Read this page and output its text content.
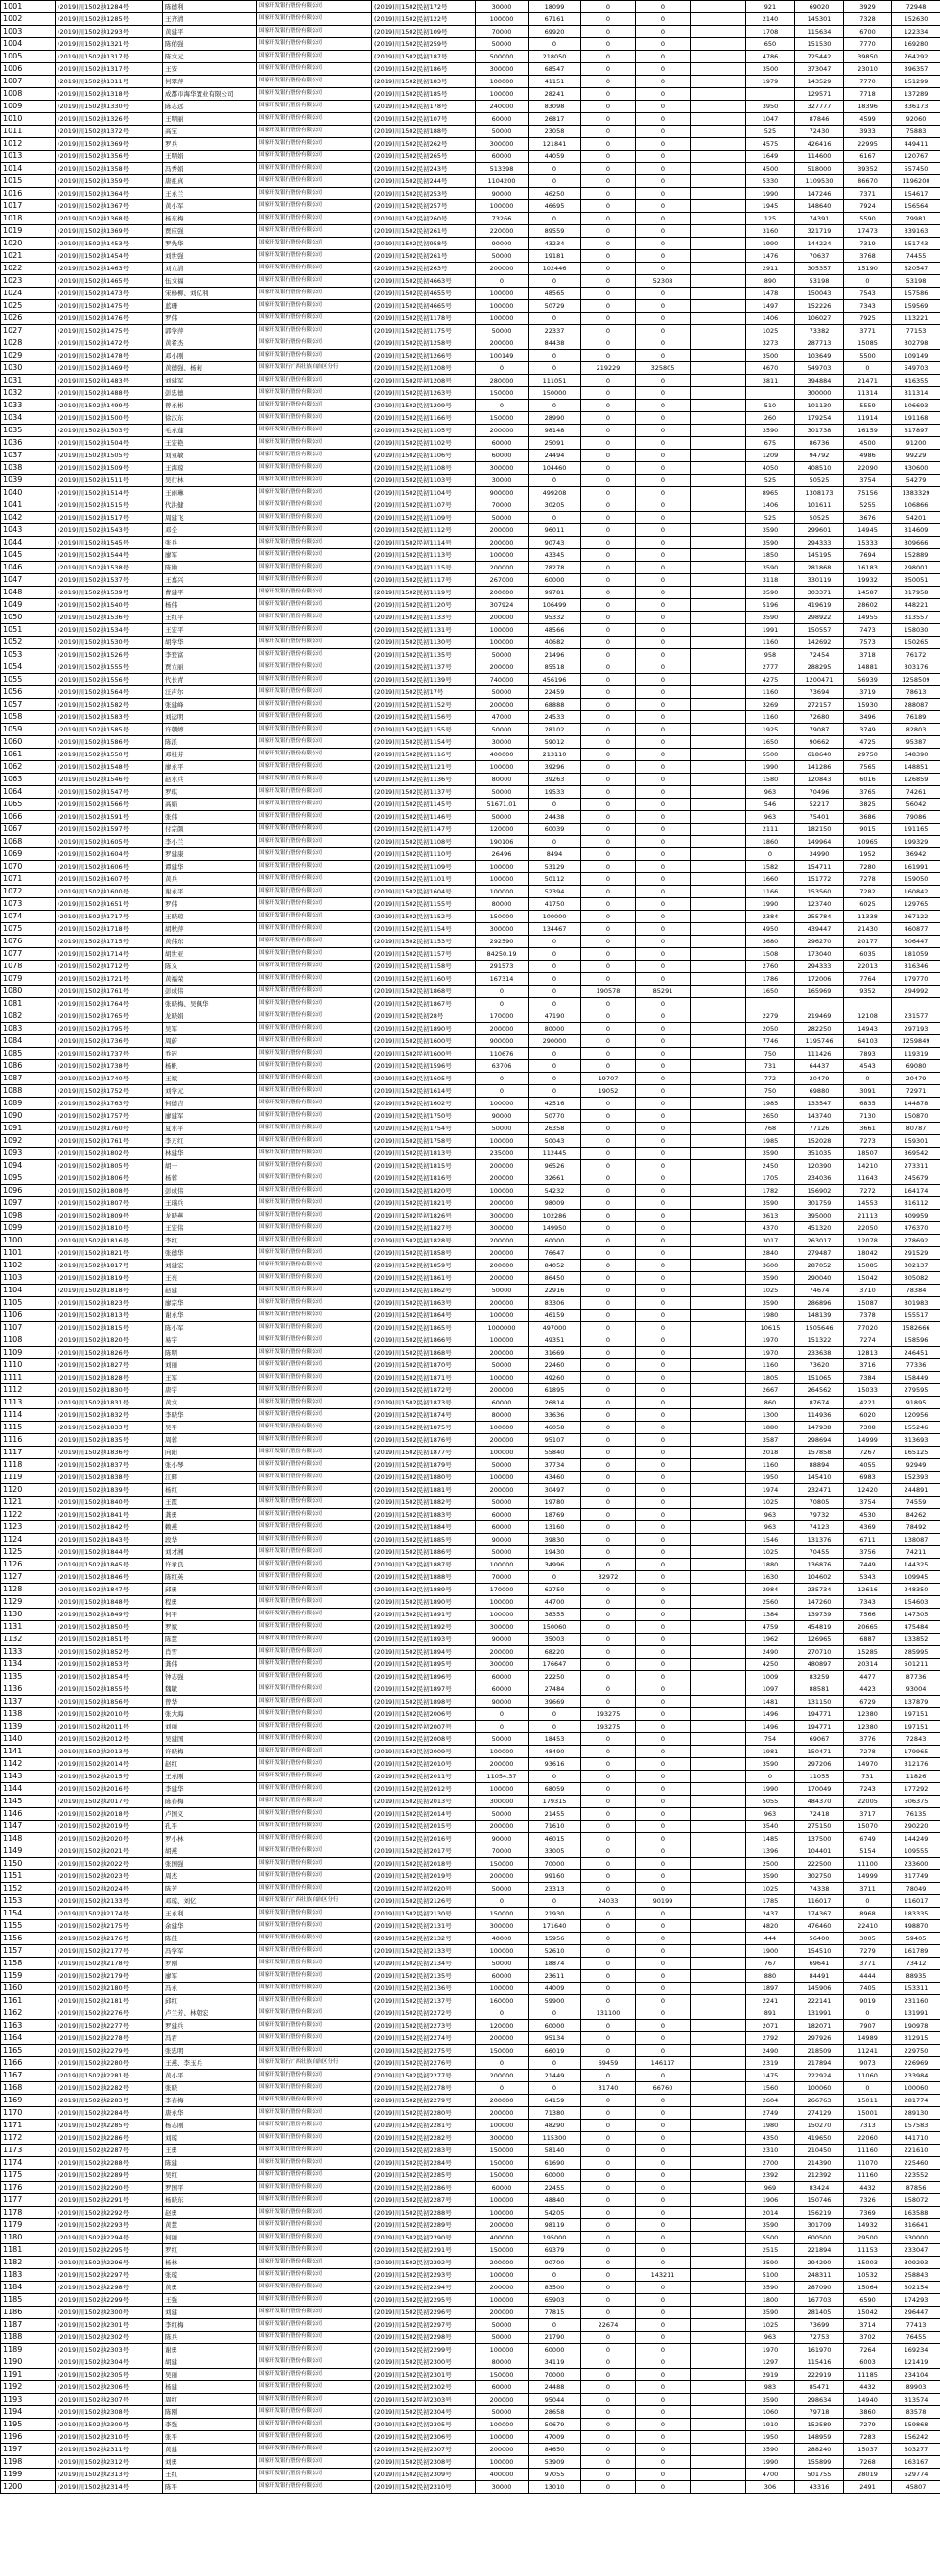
1001	(2019)川1502执1284号	陈德利	国家开发银行股份有限公司	(2019)川1502民初172号	30000	18099	0	0		921	69020	3929	72948
1002	(2019)川1502执1285号	王齐清	国家开发银行股份有限公司	(2019)川1502民初122号	100000	67161	0	0		2140	145301	7328	152630
1003	(2019)川1502执1293号	黄建平	国家开发银行股份有限公司	(2019)川1502民初109号	70000	69920	0	0		1708	115634	6700	122334
1004	(2019)川1502执1321号	陈佑强	国家开发银行股份有限公司	(2019)川1502民初259号	50000	0	0	0		650	151530	7770	169280
1005	(2019)川1502执1317号	陈文元	国家开发银行股份有限公司	(2019)川1502民初187号	500000	218050	0	0		4786	725442	39850	764292
1006	(2019)川1502执1317号	王安	国家开发银行股份有限公司	(2019)川1502民初186号	300000	68547	0	0		3500	373047	23010	396357
1007	(2019)川1502执1311号	何翠萍	国家开发银行股份有限公司	(2019)川1502民初183号	100000	41151	0	0		1979	143529	7770	151299
1008	(2019)川1502执1318号	成都市海华置业有限公司	国家开发银行股份有限公司	(2019)川1502民初185号	100000	28241	0	0			129571	7718	137289
1009	(2019)川1502执1330号	陈志远	国家开发银行股份有限公司	(2019)川1502民初178号	240000	83098	0	0		3950	327777	18396	336173
1010	(2019)川1502执1326号	王明丽	国家开发银行股份有限公司	(2019)川1502民初107号	60000	26817	0	0		1047	87846	4599	92060
1011	(2019)川1502执1372号	高宝	国家开发银行股份有限公司	(2019)川1502民初188号	50000	23058	0	0		525	72430	3933	75883
1012	(2019)川1502执1369号	罗兵	国家开发银行股份有限公司	(2019)川1502民初262号	300000	121841	0	0		4575	426416	22995	449411
1013	(2019)川1502执1356号	王明娟	国家开发银行股份有限公司	(2019)川1502民初265号	60000	44059	0	0		1649	114600	6167	120767
1014	(2019)川1502执1358号	冯秀娟	国家开发银行股份有限公司	(2019)川1502民初243号	513398	0	0	0		4500	518000	39352	557450
1015	(2019)川1502执1359号	唐祖真	国家开发银行股份有限公司	(2019)川1502民初244号	1104200	0	0	0		5330	1109530	86670	1196200
1016	(2019)川1502执1364号	王永兰	国家开发银行股份有限公司	(2019)川1502民初253号	90000	46250	0	0		1990	147246	7371	154617
1017	(2019)川1502执1367号	黄小军	国家开发银行股份有限公司	(2019)川1502民初257号	100000	46695	0	0		1945	148640	7924	156564
1018	(2019)川1502执1368号	杨东梅	国家开发银行股份有限公司	(2019)川1502民初260号	73266	0	0	0		125	74391	5590	79981
1019	(2019)川1502执1369号	贾应强	国家开发银行股份有限公司	(2019)川1502民初261号	220000	89559	0	0		3160	321719	17473	339163
1020	(2019)川1502执1453号	罗先华	国家开发银行股份有限公司	(2019)川1502民初958号	90000	43234	0	0		1990	144224	7319	151743
1021	(2019)川1502执1454号	刘世强	国家开发银行股份有限公司	(2019)川1502民初261号	50000	19181	0	0		1476	70637	3768	74455
1022	(2019)川1502执1463号	刘立清	国家开发银行股份有限公司	(2019)川1502民初263号	200000	102446	0	0		2911	305357	15190	320547
1023	(2019)川1502执1465号	伍文福	国家开发银行股份有限公司	(2019)川1502民初4663号	0	0	0	52308		890	53198	0	53198
1024	(2019)川1502执1473号	宋杨柳、刘亿利	国家开发银行股份有限公司	(2019)川1502民初4655号	100000	48565	0	0		1478	150043	7543	157586
1025	(2019)川1502执1475号	蓝珊	国家开发银行股份有限公司	(2019)川1502民初4665号	100000	50729	0	0		1497	152226	7343	159569
1026	(2019)川1502执1476号	罗伟	国家开发银行股份有限公司	(2019)川1502民初1178号	100000	0	0	0		1406	106027	7925	113221
1027	(2019)川1502执1475号	郭学萍	国家开发银行股份有限公司	(2019)川1502民初1175号	50000	22337	0	0		1025	73382	3771	77153
1028	(2019)川1502执1472号	黄希杰	国家开发银行股份有限公司	(2019)川1502民初1258号	200000	84438	0	0		3273	287713	15085	302798
1029	(2019)川1502执1478号	邓小刚	国家开发银行股份有限公司	(2019)川1502民初1266号	100149	0	0	0		3500	103649	5500	109149
1030	(2019)川1502执1469号	黄德强、杨莉	国家开发银行广西壮族自治区分行	(2019)川1502民初1208号	0	0	219229	325805		4670	549703	0	549703
1031	(2019)川1502执1483号	刘建军	国家开发银行股份有限公司	(2019)川1502民初1208号	280000	111051	0	0		3811	394884	21471	416355
1032	(2019)川1502执1488号	彭忠德	国家开发银行股份有限公司	(2019)川1502民初1263号	150000	150000	0	0			300000	11314	311314
1033	(2019)川1502执1499号	曾永彬	国家开发银行股份有限公司	(2019)川1502民初1209号	0	0	0	0		510	101130	5559	106693
1034	(2019)川1502执1500号	徐汉东	国家开发银行股份有限公司	(2019)川1502民初1166号	150000	28990	0	0		260	179254	11914	191168
1035	(2019)川1502执1503号	毛永莲	国家开发银行股份有限公司	(2019)川1502民初1105号	200000	98148	0	0		3590	301738	16159	317897
1036	(2019)川1502执1504号	王宏艳	国家开发银行股份有限公司	(2019)川1502民初1102号	60000	25091	0	0		675	86736	4500	91200
1037	(2019)川1502执1505号	刘亚敏	国家开发银行股份有限公司	(2019)川1502民初1106号	60000	24494	0	0		1209	94792	4986	99229
1038	(2019)川1502执1509号	王海琼	国家开发银行股份有限公司	(2019)川1502民初1108号	300000	104460	0	0		4050	408510	22090	430600
1039	(2019)川1502执1511号	吴行林	国家开发银行股份有限公司	(2019)川1502民初1103号	30000	0	0	0		525	50525	3754	54279
1040	(2019)川1502执1514号	王雨琳	国家开发银行股份有限公司	(2019)川1502民初1104号	900000	499208	0	0		8965	1308173	75156	1383329
1041	(2019)川1502执1515号	代洪健	国家开发银行股份有限公司	(2019)川1502民初1107号	70000	30205	0	0		1406	101611	5255	106866
1042	(2019)川1502执1517号	周建飞	国家开发银行股份有限公司	(2019)川1502民初1109号	50000	0	0	0		525	50525	3676	54201
1043	(2019)川1502执1543号	邓全	国家开发银行股份有限公司	(2019)川1502民初1112号	200000	96011	0	0		3590	299601	14945	314609
1044	(2019)川1502执1545号	张兵	国家开发银行股份有限公司	(2019)川1502民初1114号	200000	90743	0	0		3590	294333	15333	309666
1045	(2019)川1502执1544号	廖军	国家开发银行股份有限公司	(2019)川1502民初1113号	100000	43345	0	0		1850	145195	7694	152889
1046	(2019)川1502执1538号	陈勋	国家开发银行股份有限公司	(2019)川1502民初1115号	200000	78278	0	0		3590	281868	16183	298001
1047	(2019)川1502执1537号	王嘉兴	国家开发银行股份有限公司	(2019)川1502民初1117号	267000	60000	0	0		3118	330119	19932	350051
1048	(2019)川1502执1539号	曹建平	国家开发银行股份有限公司	(2019)川1502民初1119号	200000	99781	0	0		3590	303371	14587	317958
1049	(2019)川1502执1540号	杨伟	国家开发银行股份有限公司	(2019)川1502民初1120号	307924	106499	0	0		5196	419619	28602	448221
1050	(2019)川1502执1536号	王红平	国家开发银行股份有限公司	(2019)川1502民初1133号	200000	95332	0	0		3590	298922	14955	313557
1051	(2019)川1502执1534号	王宏平	国家开发银行股份有限公司	(2019)川1502民初1131号	100000	48566	0	0		1991	150557	7473	158030
1052	(2019)川1502执1530号	胡学华	国家开发银行股份有限公司	(2019)川1502民初1130号	100000	40682	0	0		1160	142692	7573	150265
1053	(2019)川1502执1526号	李登富	国家开发银行股份有限公司	(2019)川1502民初1135号	50000	21496	0	0		958	72454	3718	76172
1054	(2019)川1502执1555号	贾立丽	国家开发银行股份有限公司	(2019)川1502民初1137号	200000	85518	0	0		2777	288295	14881	303176
1055	(2019)川1502执1556号	代长青	国家开发银行股份有限公司	(2019)川1502民初1139号	740000	456196	0	0		4275	1200471	56939	1258509
1056	(2019)川1502执1564号	汪声尔	国家开发银行股份有限公司	(2019)川1502民初17号	50000	22459	0	0		1160	73694	3719	78613
1057	(2019)川1502执1582号	张建峰	国家开发银行股份有限公司	(2019)川1502民初1152号	200000	68888	0	0		3269	272157	15930	288087
1058	(2019)川1502执1583号	刘运明	国家开发银行股份有限公司	(2019)川1502民初1156号	47000	24533	0	0		1160	72680	3496	76189
1059	(2019)川1502执1585号	许朝婷	国家开发银行股份有限公司	(2019)川1502民初1155号	50000	28102	0	0		1925	79087	3749	82803
1060	(2019)川1502执1586号	陈浪	国家开发银行股份有限公司	(2019)川1502民初1154号	30000	59012	0	0		1650	90662	4725	95387
1061	(2019)川1502执1550号	邓桂芬	国家开发银行股份有限公司	(2019)川1502民初1116号	400000	213110	0	0		5500	618640	29750	648390
1062	(2019)川1502执1548号	廖永平	国家开发银行股份有限公司	(2019)川1502民初1121号	100000	39296	0	0		1990	141286	7565	148851
1063	(2019)川1502执1546号	赵水兵	国家开发银行股份有限公司	(2019)川1502民初1136号	80000	39263	0	0		1580	120843	6016	126859
1064	(2019)川1502执1547号	罗琪	国家开发银行股份有限公司	(2019)川1502民初1137号	50000	19533	0	0		963	70496	3765	74261
1065	(2019)川1502执1566号	高娟	国家开发银行股份有限公司	(2019)川1502民初1145号	51671.01	0	0	0		546	52217	3825	56042
1066	(2019)川1502执1591号	张伟	国家开发银行股份有限公司	(2019)川1502民初1146号	50000	24438	0	0		963	75401	3686	79086
1067	(2019)川1502执1597号	付宗颜	国家开发银行股份有限公司	(2019)川1502民初1147号	120000	60039	0	0		2111	182150	9015	191165
1068	(2019)川1502执1605号	李小兰	国家开发银行股份有限公司	(2019)川1502民初1108号	190106	0	0	0		1860	149964	10965	199329
1069	(2019)川1502执1604号	罗建康	国家开发银行股份有限公司	(2019)川1502民初1110号	26496	8494	0	0		0	34990	1952	36942
1070	(2019)川1502执1606号	谭建华	国家开发银行股份有限公司	(2019)川1502民初1109号	100000	53129	0	0		1582	154711	7280	161991
1071	(2019)川1502执1607号	黄兵	国家开发银行股份有限公司	(2019)川1502民初1101号	100000	50112	0	0		1660	151772	7278	159050
1072	(2019)川1502执1600号	谢永平	国家开发银行股份有限公司	(2019)川1502民初1604号	100000	52394	0	0		1166	153560	7282	160842
1073	(2019)川1502执1651号	罗伟	国家开发银行股份有限公司	(2019)川1502民初1155号	80000	41750	0	0		1990	123740	6025	129765
1074	(2019)川1502执1717号	王晓琼	国家开发银行股份有限公司	(2019)川1502民初1152号	150000	100000	0	0		2384	255784	11338	267122
1075	(2019)川1502执1718号	胡秋萍	国家开发银行股份有限公司	(2019)川1502民初1154号	300000	134467	0	0		4950	439447	21430	460877
1076	(2019)川1502执1715号	黄伟东	国家开发银行股份有限公司	(2019)川1502民初1153号	292590	0	0	0		3680	296270	20177	306447
1077	(2019)川1502执1714号	胡世亚	国家开发银行股份有限公司	(2019)川1502民初1157号	84250.19	0	0	0		1508	173040	6035	181059
1078	(2019)川1502执1712号	陈义	国家开发银行股份有限公司	(2019)川1502民初1158号	291573	0	0	0		2760	294333	22013	316346
1079	(2019)川1502执1721号	黄福荣	国家开发银行股份有限公司	(2019)川1502民初1160号	167314	0	0	0		1786	172006	7764	179770
1080	(2019)川1502执1761号	彭成伟	国家开发银行股份有限公司	(2019)川1502民初1868号	0	0	190578	85291		1650	165969	9352	294992
1081	(2019)川1502执1764号	张晓梅、吴佩华	国家开发银行股份有限公司	(2019)川1502民初1867号	0	0	0	0					
1082	(2019)川1502执1765号	龙晓娟	国家开发银行股份有限公司	(2019)川1502民初28号	170000	47190	0	0		2279	219469	12108	231577
1083	(2019)川1502执1795号	吴军	国家开发银行股份有限公司	(2019)川1502民初1890号	200000	80000	0	0		2050	282250	14943	297193
1084	(2019)川1502执1736号	周蔚	国家开发银行股份有限公司	(2019)川1502民初1600号	900000	290000	0	0		7746	1195746	64103	1259849
1085	(2019)川1502执1737号	乔冠	国家开发银行股份有限公司	(2019)川1502民初1600号	110676	0	0	0		750	111426	7893	119319
1086	(2019)川1502执1738号	杨帆	国家开发银行股份有限公司	(2019)川1502民初1596号	63706	0	0	0		731	64437	4543	69080
1087	(2019)川1502执1740号	王斌	国家开发银行股份有限公司	(2019)川1502民初1605号	0	0	19707	0		772	20479	0	20479
1088	(2019)川1502执1752号	刘学元	国家开发银行股份有限公司	(2019)川1502民初1614号	0	0	19052	0		750	69880	3091	72971
1089	(2019)川1502执1763号	何德吉	国家开发银行股份有限公司	(2019)川1502民初1602号	100000	42516	0	0		1985	133547	6835	144878
1090	(2019)川1502执1757号	廖建军	国家开发银行股份有限公司	(2019)川1502民初1750号	90000	50770	0	0		2650	143740	7130	150870
1091	(2019)川1502执1760号	夏水平	国家开发银行股份有限公司	(2019)川1502民初1754号	50000	26358	0	0		768	77126	3661	80787
1092	(2019)川1502执1761号	李万红	国家开发银行股份有限公司	(2019)川1502民初1758号	100000	50043	0	0		1985	152028	7273	159301
1093	(2019)川1502执1802号	林建华	国家开发银行股份有限公司	(2019)川1502民初1813号	235000	112445	0	0		3590	351035	18507	369542
1094	(2019)川1502执1805号	胡一	国家开发银行股份有限公司	(2019)川1502民初1815号	200000	96526	0	0		2450	120390	14210	273311
1095	(2019)川1502执1806号	杨蓉	国家开发银行股份有限公司	(2019)川1502民初1816号	200000	32661	0	0		1705	234036	11643	245679
1096	(2019)川1502执1808号	彭成伟	国家开发银行股份有限公司	(2019)川1502民初1820号	100000	54232	0	0		1782	156902	7272	164174
1097	(2019)川1502执1807号	王瑞兵	国家开发银行股份有限公司	(2019)川1502民初1821号	200000	98009	0	0		3590	301759	14553	316112
1098	(2019)川1502执1809号	龙晓燕	国家开发银行股份有限公司	(2019)川1502民初1826号	300000	102286	0	0		3613	395000	21113	409959
1099	(2019)川1502执1810号	王宏伟	国家开发银行股份有限公司	(2019)川1502民初1827号	300000	149950	0	0		4370	451320	22050	476370
1100	(2019)川1502执1816号	李红	国家开发银行股份有限公司	(2019)川1502民初1828号	200000	60000	0	0		3017	263017	12078	278692
1101	(2019)川1502执1821号	张德华	国家开发银行股份有限公司	(2019)川1502民初1858号	200000	76647	0	0		2840	279487	18042	291529
1102	(2019)川1502执1817号	刘建宏	国家开发银行股份有限公司	(2019)川1502民初1859号	200000	84052	0	0		3600	287052	15085	302137
1103	(2019)川1502执1819号	王亮	国家开发银行股份有限公司	(2019)川1502民初1861号	200000	86450	0	0		3590	290040	15042	305082
1104	(2019)川1502执1818号	赵建	国家开发银行股份有限公司	(2019)川1502民初1862号	50000	22916	0	0		1025	74674	3710	78384
1105	(2019)川1502执1823号	廖宗华	国家开发银行股份有限公司	(2019)川1502民初1863号	200000	83306	0	0		3590	286896	15087	301983
1106	(2019)川1502执1813号	谢永华	国家开发银行股份有限公司	(2019)川1502民初1864号	100000	46159	0	0		1980	148139	7378	155517
1107	(2019)川1502执1815号	陈小军	国家开发银行股份有限公司	(2019)川1502民初1865号	1000000	497000	0	0		10615	1505646	77020	1582666
1108	(2019)川1502执1820号	易宇	国家开发银行股份有限公司	(2019)川1502民初1866号	100000	49351	0	0		1970	151322	7274	158596
1109	(2019)川1502执1826号	陈明	国家开发银行股份有限公司	(2019)川1502民初1868号	200000	31669	0	0		1970	233638	12813	246451
1110	(2019)川1502执1827号	刘丽	国家开发银行股份有限公司	(2019)川1502民初1870号	50000	22460	0	0		1160	73620	3716	77336
1111	(2019)川1502执1828号	王军	国家开发银行股份有限公司	(2019)川1502民初1871号	100000	49260	0	0		1805	151065	7384	158449
1112	(2019)川1502执1830号	唐宇	国家开发银行股份有限公司	(2019)川1502民初1872号	200000	61895	0	0		2667	264562	15033	279595
1113	(2019)川1502执1831号	黄文	国家开发银行股份有限公司	(2019)川1502民初1873号	60000	26814	0	0		860	87674	4221	91895
1114	(2019)川1502执1832号	李晓华	国家开发银行股份有限公司	(2019)川1502民初1874号	80000	33636	0	0		1300	114936	6020	120956
1115	(2019)川1502执1833号	吴平	国家开发银行股份有限公司	(2019)川1502民初1875号	100000	46058	0	0		1880	147938	7308	155246
1116	(2019)川1502执1835号	周蓉	国家开发银行股份有限公司	(2019)川1502民初1876号	200000	95107	0	0		3587	298694	14999	313693
1117	(2019)川1502执1836号	向阳	国家开发银行股份有限公司	(2019)川1502民初1877号	100000	55840	0	0		2018	157858	7267	165125
1118	(2019)川1502执1837号	张小琴	国家开发银行股份有限公司	(2019)川1502民初1879号	50000	37734	0	0		1160	88894	4055	92949
1119	(2019)川1502执1838号	江辉	国家开发银行股份有限公司	(2019)川1502民初1880号	100000	43460	0	0		1950	145410	6983	152393
1120	(2019)川1502执1839号	杨红	国家开发银行股份有限公司	(2019)川1502民初1881号	200000	30497	0	0		1974	232471	12420	244891
1121	(2019)川1502执1840号	王霞	国家开发银行股份有限公司	(2019)川1502民初1882号	50000	19780	0	0		1025	70805	3754	74559
1122	(2019)川1502执1841号	龚勇	国家开发银行股份有限公司	(2019)川1502民初1883号	60000	18769	0	0		963	79732	4530	84262
1123	(2019)川1502执1842号	赖燕	国家开发银行股份有限公司	(2019)川1502民初1884号	60000	13160	0	0		963	74123	4369	78492
1124	(2019)川1502执1843号	段华	国家开发银行股份有限公司	(2019)川1502民初1885号	90000	39830	0	0		1546	131376	6711	138087
1125	(2019)川1502执1844号	刘才湘	国家开发银行股份有限公司	(2019)川1502民初1886号	50000	19430	0	0		1025	70455	3756	74211
1126	(2019)川1502执1845号	许承良	国家开发银行股份有限公司	(2019)川1502民初1887号	100000	34996	0	0		1880	136876	7449	144325
1127	(2019)川1502执1846号	陈红英	国家开发银行股份有限公司	(2019)川1502民初1888号	70000	0	32972	0		1630	104602	5343	109945
1128	(2019)川1502执1847号	邱勇	国家开发银行股份有限公司	(2019)川1502民初1889号	170000	62750	0	0		2984	235734	12616	248350
1129	(2019)川1502执1848号	程勇	国家开发银行股份有限公司	(2019)川1502民初1890号	100000	44700	0	0		2560	147260	7343	154603
1130	(2019)川1502执1849号	何平	国家开发银行股份有限公司	(2019)川1502民初1891号	100000	38355	0	0		1384	139739	7566	147305
1131	(2019)川1502执1850号	罗斌	国家开发银行股份有限公司	(2019)川1502民初1892号	300000	150060	0	0		4759	454819	20665	475484
1132	(2019)川1502执1851号	陈慧	国家开发银行股份有限公司	(2019)川1502民初1893号	90000	35003	0	0		1962	126965	6887	133852
1133	(2019)川1502执1852号	肖雪	国家开发银行股份有限公司	(2019)川1502民初1894号	200000	68220	0	0		2490	270710	15285	285995
1134	(2019)川1502执1853号	龚伟	国家开发银行股份有限公司	(2019)川1502民初1895号	300000	176647	0	0		4250	480897	20314	501211
1135	(2019)川1502执1854号	钟志强	国家开发银行股份有限公司	(2019)川1502民初1896号	60000	22250	0	0		1009	83259	4477	87736
1136	(2019)川1502执1855号	魏敏	国家开发银行股份有限公司	(2019)川1502民初1897号	60000	27484	0	0		1097	88581	4423	93004
1137	(2019)川1502执1856号	曾华	国家开发银行股份有限公司	(2019)川1502民初1898号	90000	39669	0	0		1481	131150	6729	137879
1138	(2019)川1502执2010号	张大海	国家开发银行股份有限公司	(2019)川1502民初2006号	0	0	193275	0		1496	194771	12380	197151
1139	(2019)川1502执2011号	刘丽	国家开发银行股份有限公司	(2019)川1502民初2007号	0	0	193275	0		1496	194771	12380	197151
1140	(2019)川1502执2012号	吴建国	国家开发银行股份有限公司	(2019)川1502民初2008号	50000	18453	0	0		754	69067	3776	72843
1141	(2019)川1502执2013号	许晓梅	国家开发银行股份有限公司	(2019)川1502民初2009号	100000	48490	0	0		1981	150471	7278	179965
1142	(2019)川1502执2014号	赵红	国家开发银行股份有限公司	(2019)川1502民初2010号	200000	93616	0	0		3590	297206	14970	312176
1143	(2019)川1502执2015号	王永刚	国家开发银行股份有限公司	(2019)川1502民初2011号	11054.37	0	0	0		0	11055	731	11826
1144	(2019)川1502执2016号	李建华	国家开发银行股份有限公司	(2019)川1502民初2012号	100000	68059	0	0		1990	170049	7243	177292
1145	(2019)川1502执2017号	陈春梅	国家开发银行股份有限公司	(2019)川1502民初2013号	300000	179315	0	0		5055	484370	22005	506375
1146	(2019)川1502执2018号	卢国义	国家开发银行股份有限公司	(2019)川1502民初2014号	50000	21455	0	0		963	72418	3717	76135
1147	(2019)川1502执2019号	孔平	国家开发银行股份有限公司	(2019)川1502民初2015号	200000	71610	0	0		3540	275150	15070	290220
1148	(2019)川1502执2020号	罗小林	国家开发银行股份有限公司	(2019)川1502民初2016号	90000	46015	0	0		1485	137500	6749	144249
1149	(2019)川1502执2021号	胡燕	国家开发银行股份有限公司	(2019)川1502民初2017号	70000	33005	0	0		1396	104401	5154	109555
1150	(2019)川1502执2022号	张国强	国家开发银行股份有限公司	(2019)川1502民初2018号	150000	70000	0	0		2500	222500	11100	233600
1151	(2019)川1502执2023号	周杰	国家开发银行股份有限公司	(2019)川1502民初2019号	200000	99160	0	0		3590	302750	14999	317749
1152	(2019)川1502执2024号	陈芳	国家开发银行股份有限公司	(2019)川1502民初2020号	50000	23313	0	0		1025	74338	3711	78049
1153	(2019)川1502执2133号	邓琼、刘亿	国家开发银行广西壮族自治区分行	(2019)川1502民初2126号	0	0	24033	90199		1785	116017	0	116017
1154	(2019)川1502执2174号	王永利	国家开发银行股份有限公司	(2019)川1502民初2130号	150000	21930	0	0		2437	174367	8968	183335
1155	(2019)川1502执2175号	余建华	国家开发银行股份有限公司	(2019)川1502民初2131号	300000	171640	0	0		4820	476460	22410	498870
1156	(2019)川1502执2176号	陈佳	国家开发银行股份有限公司	(2019)川1502民初2132号	40000	15956	0	0		444	56400	3005	59405
1157	(2019)川1502执2177号	冯学军	国家开发银行股份有限公司	(2019)川1502民初2133号	100000	52610	0	0		1900	154510	7279	161789
1158	(2019)川1502执2178号	罗刚	国家开发银行股份有限公司	(2019)川1502民初2134号	50000	18874	0	0		767	69641	3771	73412
1159	(2019)川1502执2179号	廖军	国家开发银行股份有限公司	(2019)川1502民初2135号	60000	23611	0	0		880	84491	4444	88935
1160	(2019)川1502执2180号	冯永	国家开发银行股份有限公司	(2019)川1502民初2136号	100000	44009	0	0		1897	145906	7405	153311
1161	(2019)川1502执2181号	邱红	国家开发银行股份有限公司	(2019)川1502民初2137号	160000	59900	0	0		2241	222141	9019	231160
1162	(2019)川1502执2276号	卢兰芳、林朝宏	国家开发银行股份有限公司	(2019)川1502民初2272号	0	0	131100	0		891	131991	0	131991
1163	(2019)川1502执2277号	罗建兵	国家开发银行股份有限公司	(2019)川1502民初2273号	120000	60000	0	0		2071	182071	7907	190978
1164	(2019)川1502执2278号	冯君	国家开发银行股份有限公司	(2019)川1502民初2274号	200000	95134	0	0		2792	297926	14989	312915
1165	(2019)川1502执2279号	张忠明	国家开发银行股份有限公司	(2019)川1502民初2275号	150000	66019	0	0		2490	218509	11241	229750
1166	(2019)川1502执2280号	王燕、李玉兵	国家开发银行广西壮族自治区分行	(2019)川1502民初2276号	0	0	69459	146117		2319	217894	9073	226969
1167	(2019)川1502执2281号	黄小平	国家开发银行股份有限公司	(2019)川1502民初2277号	200000	21449	0	0		1475	222924	11060	233984
1168	(2019)川1502执2282号	张晓	国家开发银行股份有限公司	(2019)川1502民初2278号	0	0	31740	66760		1560	100060	0	100060
1169	(2019)川1502执2283号	李春梅	国家开发银行股份有限公司	(2019)川1502民初2279号	200000	64159	0	0		2604	266763	15011	281774
1170	(2019)川1502执2284号	唐永华	国家开发银行股份有限公司	(2019)川1502民初2280号	200000	71380	0	0		2749	274129	15001	289130
1171	(2019)川1502执2285号	杨志刚	国家开发银行股份有限公司	(2019)川1502民初2281号	100000	48290	0	0		1980	150270	7313	157583
1172	(2019)川1502执2286号	刘琼	国家开发银行股份有限公司	(2019)川1502民初2282号	300000	115300	0	0		4350	419650	22060	441710
1173	(2019)川1502执2287号	王勇	国家开发银行股份有限公司	(2019)川1502民初2283号	150000	58140	0	0		2310	210450	11160	221610
1174	(2019)川1502执2288号	陈建	国家开发银行股份有限公司	(2019)川1502民初2284号	150000	61690	0	0		2700	214390	11070	225460
1175	(2019)川1502执2289号	吴红	国家开发银行股份有限公司	(2019)川1502民初2285号	150000	60000	0	0		2392	212392	11160	223552
1176	(2019)川1502执2290号	罗国平	国家开发银行股份有限公司	(2019)川1502民初2286号	60000	22455	0	0		969	83424	4432	87856
1177	(2019)川1502执2291号	杨晓东	国家开发银行股份有限公司	(2019)川1502民初2287号	100000	48840	0	0		1906	150746	7326	158072
1178	(2019)川1502执2292号	赵勇	国家开发银行股份有限公司	(2019)川1502民初2288号	100000	54205	0	0		2014	156219	7369	163588
1179	(2019)川1502执2293号	黄慧	国家开发银行股份有限公司	(2019)川1502民初2289号	200000	98119	0	0		3590	301709	14932	316641
1180	(2019)川1502执2294号	何丽	国家开发银行股份有限公司	(2019)川1502民初2290号	400000	195000	0	0		5500	600500	29500	630000
1181	(2019)川1502执2295号	罗红	国家开发银行股份有限公司	(2019)川1502民初2291号	150000	69379	0	0		2515	221894	11153	233047
1182	(2019)川1502执2296号	杨林	国家开发银行股份有限公司	(2019)川1502民初2292号	200000	90700	0	0		3590	294290	15003	309293
1183	(2019)川1502执2297号	张琼	国家开发银行股份有限公司	(2019)川1502民初2293号	100000	0	0	143211		5100	248311	10532	258843
1184	(2019)川1502执2298号	黄勇	国家开发银行股份有限公司	(2019)川1502民初2294号	200000	83500	0	0		3590	287090	15064	302154
1185	(2019)川1502执2299号	王强	国家开发银行股份有限公司	(2019)川1502民初2295号	100000	65903	0	0		1800	167703	6590	174293
1186	(2019)川1502执2300号	刘建	国家开发银行股份有限公司	(2019)川1502民初2296号	200000	77815	0	0		3590	281405	15042	296447
1187	(2019)川1502执2301号	李红梅	国家开发银行股份有限公司	(2019)川1502民初2297号	50000	0	22674	0		1025	73699	3714	77413
1188	(2019)川1502执2302号	陈兵	国家开发银行股份有限公司	(2019)川1502民初2298号	50000	21790	0	0		963	72753	3702	76455
1189	(2019)川1502执2303号	谢勇	国家开发银行股份有限公司	(2019)川1502民初2299号	100000	60000	0	0		1970	161970	7264	169234
1190	(2019)川1502执2304号	胡建	国家开发银行股份有限公司	(2019)川1502民初2300号	80000	34119	0	0		1297	115416	6003	121419
1191	(2019)川1502执2305号	吴丽	国家开发银行股份有限公司	(2019)川1502民初2301号	150000	70000	0	0		2919	222919	11185	234104
1192	(2019)川1502执2306号	杨建	国家开发银行股份有限公司	(2019)川1502民初2302号	60000	24488	0	0		983	85471	4432	89903
1193	(2019)川1502执2307号	周红	国家开发银行股份有限公司	(2019)川1502民初2303号	200000	95044	0	0		3590	298634	14940	313574
1194	(2019)川1502执2308号	陈刚	国家开发银行股份有限公司	(2019)川1502民初2304号	50000	28658	0	0		1060	79718	3860	83578
1195	(2019)川1502执2309号	李强	国家开发银行股份有限公司	(2019)川1502民初2305号	100000	50679	0	0		1910	152589	7279	159868
1196	(2019)川1502执2310号	张平	国家开发银行股份有限公司	(2019)川1502民初2306号	100000	47009	0	0		1950	148959	7283	156242
1197	(2019)川1502执2311号	黄建	国家开发银行股份有限公司	(2019)川1502民初2307号	200000	84650	0	0		3590	288240	15037	303277
1198	(2019)川1502执2312号	刘勇	国家开发银行股份有限公司	(2019)川1502民初2308号	100000	53909	0	0		1990	155899	7268	163167
1199	(2019)川1502执2313号	王红	国家开发银行股份有限公司	(2019)川1502民初2309号	400000	97055	0	0		4700	501755	28019	529774
1200	(2019)川1502执2314号	陈平	国家开发银行股份有限公司	(2019)川1502民初2310号	30000	13010	0	0		306	43316	2491	45807
